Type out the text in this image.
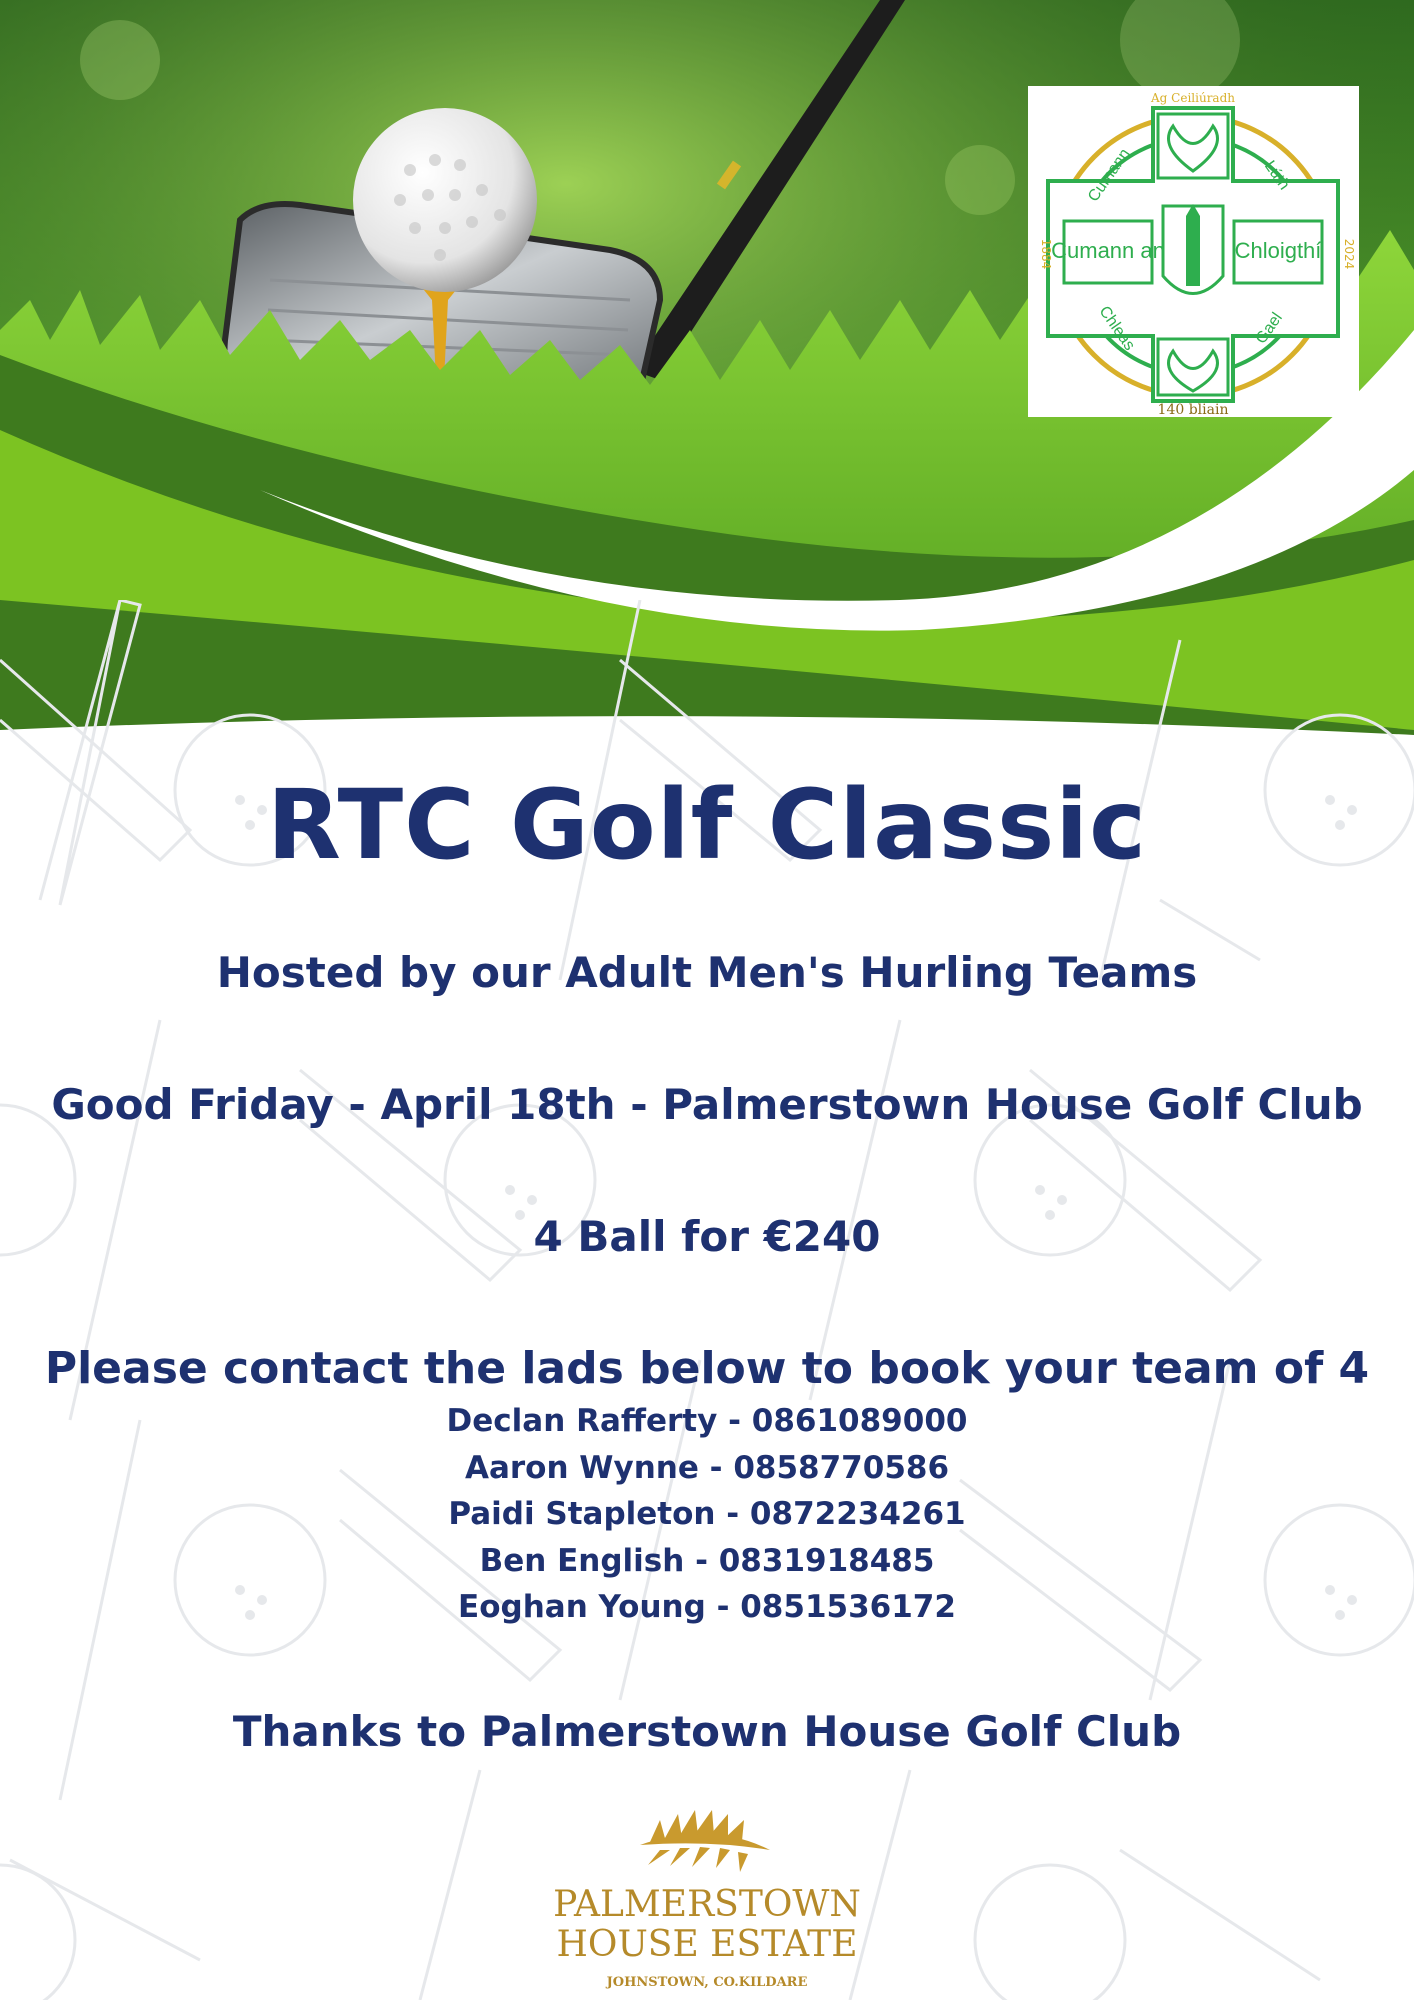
Ag Ceiliúradh
Cumann an	Chloigthí
Cumann	Lúth
Chleas	Gael
1884	2024
140 bliain
RTC Golf Classic
Hosted by our Adult Men's Hurling Teams
Good Friday - April 18th - Palmerstown House Golf Club
4 Ball for €240
Please contact the lads below to book your team of 4
Declan Rafferty - 0861089000
Aaron Wynne - 0858770586
Paidi Stapleton - 0872234261
Ben English - 0831918485
Eoghan Young - 0851536172
Thanks to Palmerstown House Golf Club
PALMERSTOWN
HOUSE ESTATE
JOHNSTOWN, CO.KILDARE
